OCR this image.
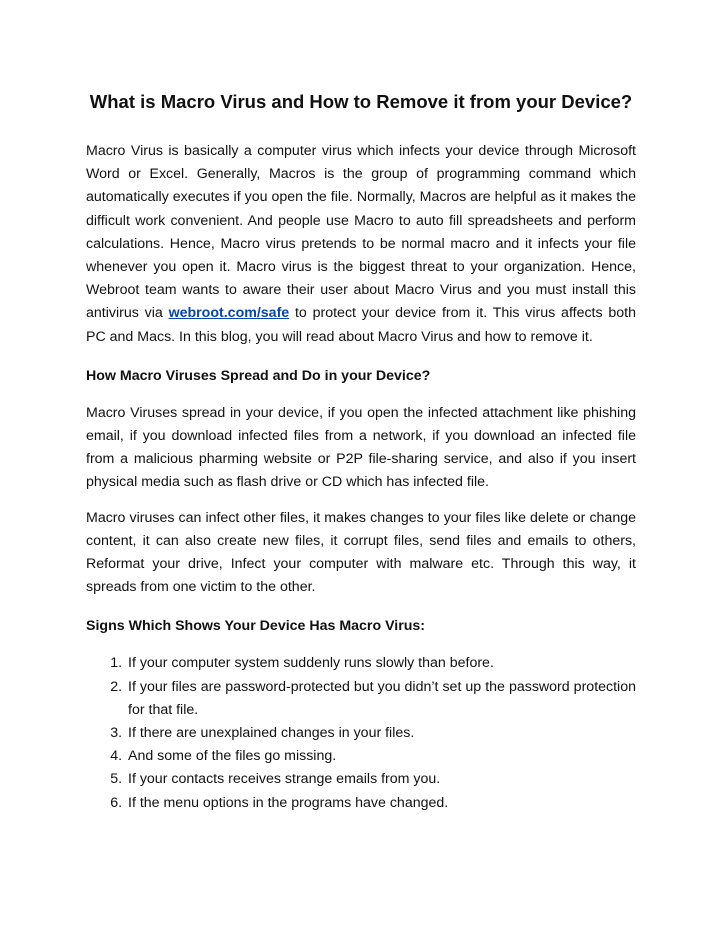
What is Macro Virus and How to Remove it from your Device?

Macro Virus is basically a computer virus which infects your device through Microsoft Word or Excel. Generally, Macros is the group of programming command which automatically executes if you open the file. Normally, Macros are helpful as it makes the difficult work convenient. And people use Macro to auto fill spreadsheets and perform calculations. Hence, Macro virus pretends to be normal macro and it infects your file whenever you open it. Macro virus is the biggest threat to your organization. Hence, Webroot team wants to aware their user about Macro Virus and you must install this antivirus via webroot.com/safe to protect your device from it. This virus affects both PC and Macs. In this blog, you will read about Macro Virus and how to remove it.

How Macro Viruses Spread and Do in your Device?

Macro Viruses spread in your device, if you open the infected attachment like phishing email, if you download infected files from a network, if you download an infected file from a malicious pharming website or P2P file-sharing service, and also if you insert physical media such as flash drive or CD which has infected file.

Macro viruses can infect other files, it makes changes to your files like delete or change content, it can also create new files, it corrupt files, send files and emails to others, Reformat your drive, Infect your computer with malware etc. Through this way, it spreads from one victim to the other.

Signs Which Shows Your Device Has Macro Virus:
1. If your computer system suddenly runs slowly than before.
2. If your files are password-protected but you didn’t set up the password protection for that file.
3. If there are unexplained changes in your files.
4. And some of the files go missing.
5. If your contacts receives strange emails from you.
6. If the menu options in the programs have changed.
